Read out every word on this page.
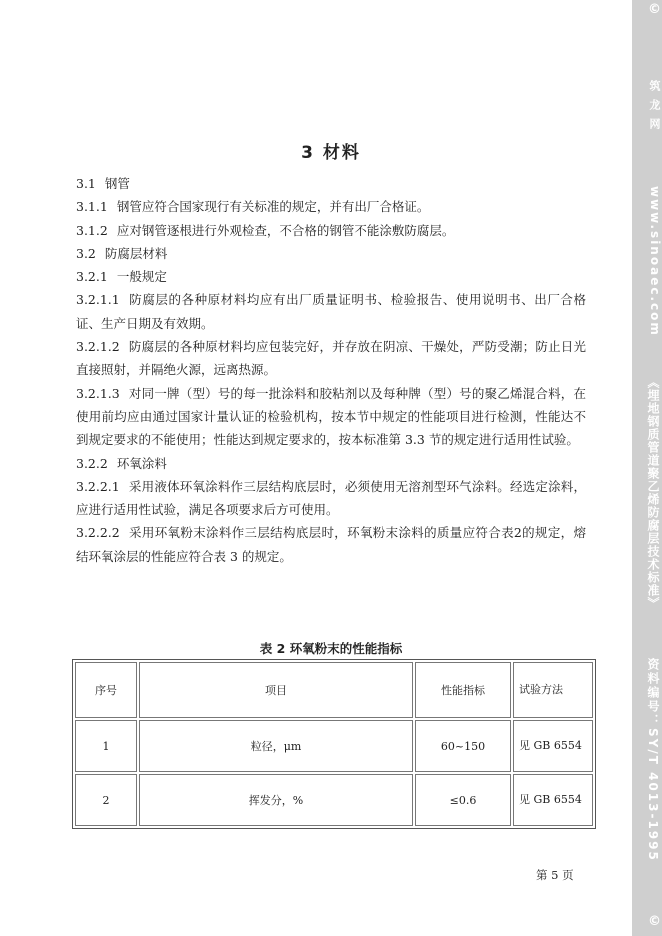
3 材料

3.1 钢管

3.1.1 钢管应符合国家现行有关标准的规定，并有出厂合格证。

3.1.2 应对钢管逐根进行外观检查，不合格的钢管不能涂敷防腐层。

3.2 防腐层材料

3.2.1 一般规定

3.2.1.1 防腐层的各种原材料均应有出厂质量证明书、检验报告、使用说明书、出厂合格证、生产日期及有效期。

3.2.1.2 防腐层的各种原材料均应包装完好，并存放在阴凉、干燥处，严防受潮；防止日光直接照射，并隔绝火源，远离热源。

3.2.1.3 对同一牌（型）号的每一批涂料和胶粘剂以及每种牌（型）号的聚乙烯混合料，在使用前均应由通过国家计量认证的检验机构，按本节中规定的性能项目进行检测，性能达不到规定要求的不能使用；性能达到规定要求的，按本标准第 3.3 节的规定进行适用性试验。

3.2.2 环氧涂料

3.2.2.1 采用液体环氧涂料作三层结构底层时，必须使用无溶剂型环气涂料。经选定涂料，应进行适用性试验，满足各项要求后方可使用。

3.2.2.2 采用环氧粉末涂料作三层结构底层时，环氧粉末涂料的质量应符合表2的规定，熔结环氧涂层的性能应符合表 3 的规定。

表 2 环氧粉末的性能指标
序号	项目	性能指标	试验方法
1	粒径，μm	60~150	见 GB 6554
2	挥发分，%	≤0.6	见 GB 6554
第 5 页
©
筑龙网
www.sinoaec.com
《埋地钢质管道聚乙烯防腐层技术标准》
资料编号：SY/T 4013-1995
©
